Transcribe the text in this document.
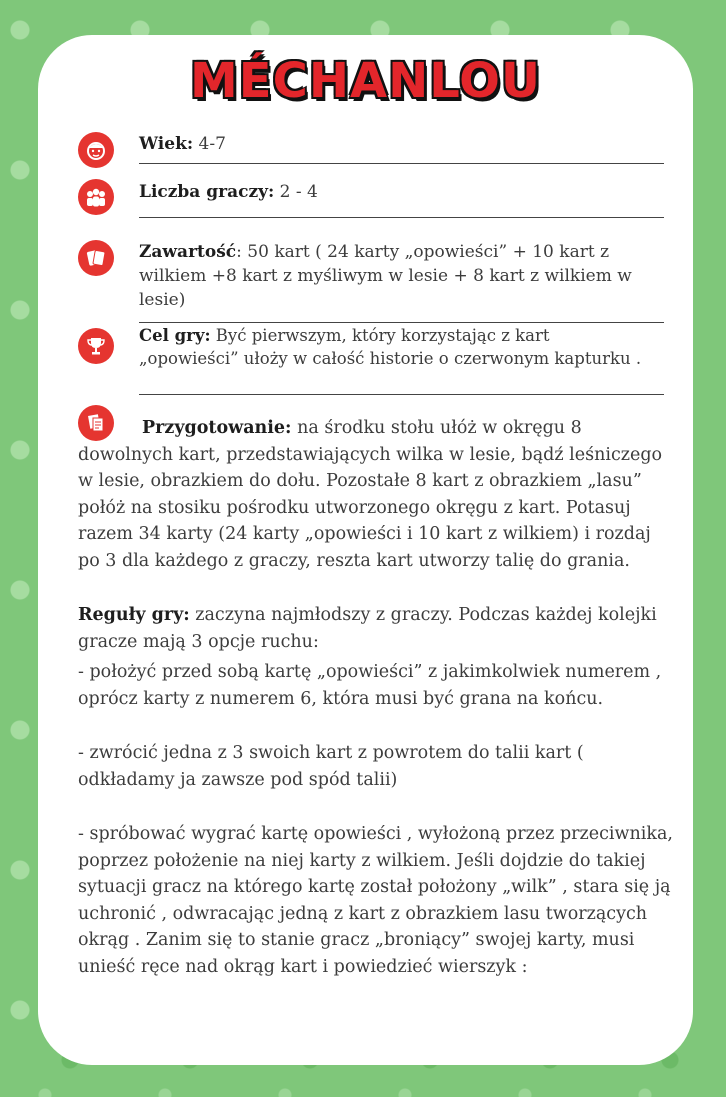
MÉCHANLOU
Wiek: 4-7
Liczba graczy: 2 - 4
Zawartość: 50 kart ( 24 karty „opowieści” + 10 kart z wilkiem +8 kart z myśliwym w lesie + 8 kart z wilkiem w lesie)
Cel gry: Być pierwszym, który korzystając z kart „opowieści” ułoży w całość historie o czerwonym kapturku .

Przygotowanie: na środku stołu ułóż w okręgu 8 dowolnych kart, przedstawiających wilka w lesie, bądź leśniczego w lesie, obrazkiem do dołu. Pozostałe 8 kart z obrazkiem „lasu” połóż na stosiku pośrodku utworzonego okręgu z kart. Potasuj razem 34 karty (24 karty „opowieści i 10 kart z wilkiem) i rozdaj po 3 dla każdego z graczy, reszta kart utworzy talię do grania.

Reguły gry: zaczyna najmłodszy z graczy. Podczas każdej kolejki gracze mają 3 opcje ruchu:

- położyć przed sobą kartę „opowieści” z jakimkolwiek numerem , oprócz karty z numerem 6, która musi być grana na końcu.

- zwrócić jedna z 3 swoich kart z powrotem do talii kart ( odkładamy ja zawsze pod spód talii)

- spróbować wygrać kartę opowieści , wyłożoną przez przeciwnika, poprzez położenie na niej karty z wilkiem. Jeśli dojdzie do takiej sytuacji gracz na którego kartę został położony „wilk” , stara się ją uchronić , odwracając jedną z kart z obrazkiem lasu tworzących okrąg . Zanim się to stanie gracz „broniący” swojej karty, musi unieść ręce nad okrąg kart i powiedzieć wierszyk :
